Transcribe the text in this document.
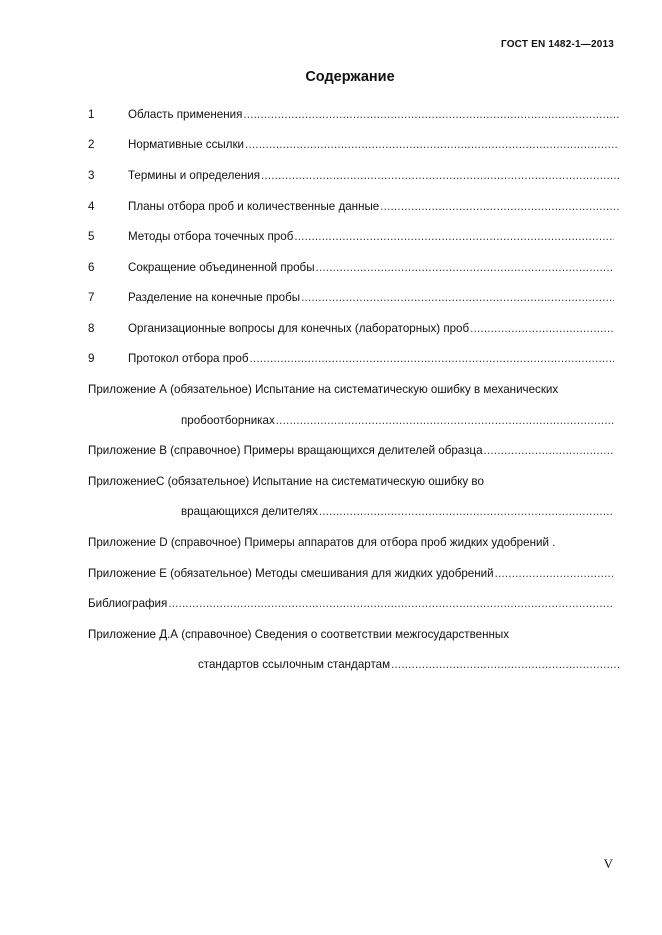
ГОСТ EN 1482-1—2013
Содержание
1	Область применения
.....
2	Нормативные ссылки
.....
3	Термины и определения
.....
4	Планы отбора проб и количественные данные
.....
5	Методы отбора точечных проб
.....
6	Сокращение объединенной пробы
.....
7	Разделение на конечные пробы
.....
8	Организационные вопросы для конечных (лабораторных) проб
.....
9	Протокол отбора проб
.....
Приложение А (обязательное) Испытание на систематическую ошибку в механических
пробоотборниках
.....
Приложение В (справочное) Примеры вращающихся делителей образца
.....
ПриложениеС (обязательное) Испытание на систематическую ошибку во
вращающихся делителях
.....
Приложение D (справочное) Примеры аппаратов для отбора проб жидких удобрений .
Приложение Е (обязательное) Методы смешивания для жидких удобрений
.....
Библиография
.....
Приложение Д.А (справочное) Сведения о соответствии межгосударственных
стандартов ссылочным стандартам
.....
V
